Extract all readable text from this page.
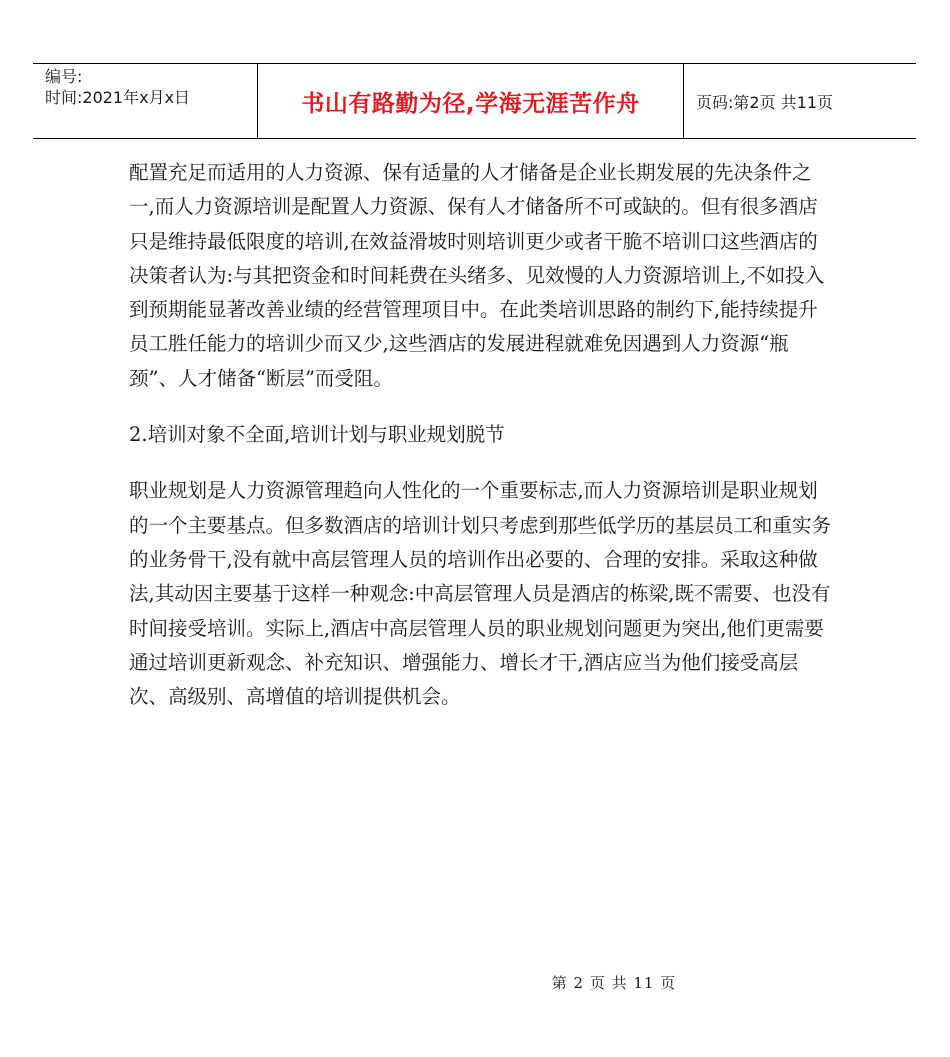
编号:
时间:2021年x月x日	书山有路勤为径,学海无涯苦作舟	页码:第2页 共11页

配置充足而适用的人力资源、保有适量的人才储备是企业长期发展的先决条件之一,而人力资源培训是配置人力资源、保有人才储备所不可或缺的。但有很多酒店只是维持最低限度的培训,在效益滑坡时则培训更少或者干脆不培训口这些酒店的决策者认为:与其把资金和时间耗费在头绪多、见效慢的人力资源培训上,不如投入到预期能显著改善业绩的经营管理项目中。在此类培训思路的制约下,能持续提升员工胜任能力的培训少而又少,这些酒店的发展进程就难免因遇到人力资源“瓶颈”、人才储备“断层”而受阻。

2.培训对象不全面,培训计划与职业规划脱节

职业规划是人力资源管理趋向人性化的一个重要标志,而人力资源培训是职业规划的一个主要基点。但多数酒店的培训计划只考虑到那些低学历的基层员工和重实务的业务骨干,没有就中高层管理人员的培训作出必要的、合理的安排。采取这种做法,其动因主要基于这样一种观念:中高层管理人员是酒店的栋梁,既不需要、也没有时间接受培训。实际上,酒店中高层管理人员的职业规划问题更为突出,他们更需要通过培训更新观念、补充知识、增强能力、增长才干,酒店应当为他们接受高层次、高级别、高增值的培训提供机会。

第 2 页 共 11 页
